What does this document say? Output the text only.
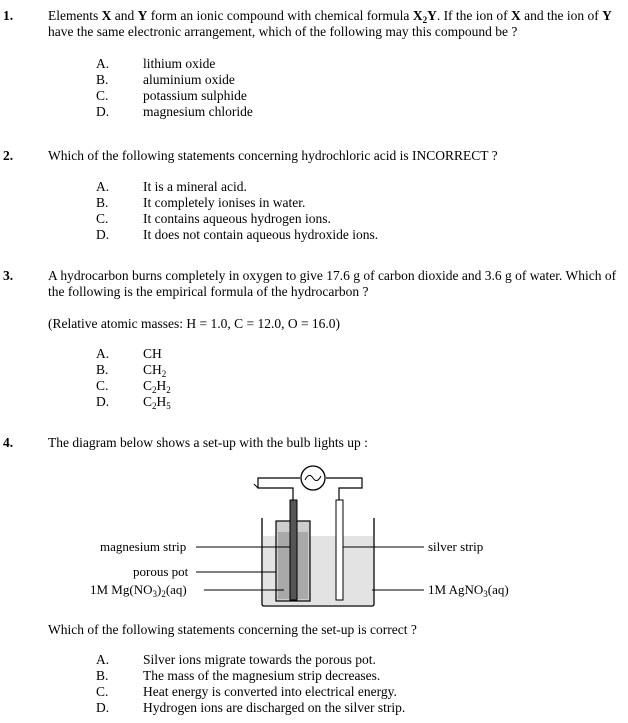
1.	Elements X and Y form an ionic compound with chemical formula $X_2Y$. If the ion of X and the ion of Y have the same electronic arrangement, which of the following may this compound be ?
A.	lithium oxide
B.	aluminium oxide
C.	potassium sulphide
D.	magnesium chloride
2.	Which of the following statements concerning hydrochloric acid is INCORRECT ?
A.	It is a mineral acid.
B.	It completely ionises in water.
C.	It contains aqueous hydrogen ions.
D.	It does not contain aqueous hydroxide ions.
3.	A hydrocarbon burns completely in oxygen to give 17.6 g of carbon dioxide and 3.6 g of water. Which of the following is the empirical formula of the hydrocarbon ?
(Relative atomic masses: H = 1.0, C = 12.0, O = 16.0)
A.	CH
B.	$CH_2$
C.	$C_2H_2$
D.	$C_2H_5$
4.	The diagram below shows a set-up with the bulb lights up :
magnesium strip
porous pot
1M $Mg(NO_3)_2(aq)$
silver strip
1M AgNO$_3$(aq)
Which of the following statements concerning the set-up is correct ?
A.	Silver ions migrate towards the porous pot.
B.	The mass of the magnesium strip decreases.
C.	Heat energy is converted into electrical energy.
D.	Hydrogen ions are discharged on the silver strip.
